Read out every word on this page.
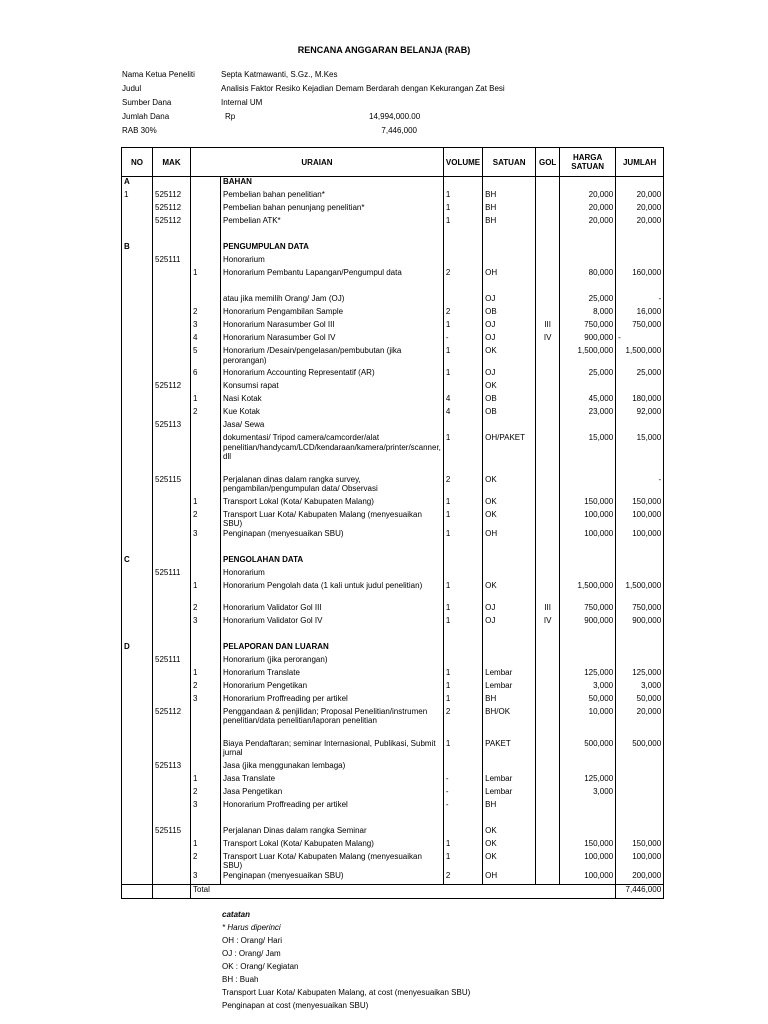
RENCANA ANGGARAN BELANJA (RAB)
Nama Ketua Peneliti	Septa Katmawanti, S.Gz., M.Kes
Judul	Analisis Faktor Resiko Kejadian Demam Berdarah dengan Kekurangan Zat Besi
Sumber Dana	Internal UM
Jumlah Dana	Rp	14,994,000.00
RAB 30%	7,446,000
NO	MAK	URAIAN		VOLUME	SATUAN	GOL	HARGA SATUAN	JUMLAH
A			BAHAN					
1	525112		Pembelian bahan penelitian*	1	BH		20,000	20,000
	525112		Pembelian bahan penunjang penelitian*	1	BH		20,000	20,000
	525112		Pembelian ATK*	1	BH		20,000	20,000

B			PENGUMPULAN DATA					
	525111		Honorarium					
		1	Honorarium Pembantu Lapangan/Pengumpul data	2	OH		80,000	160,000

			atau jika memilih Orang/ Jam (OJ)		OJ		25,000	-
		2	Honorarium Pengambilan Sample	2	OB		8,000	16,000
		3	Honorarium Narasumber Gol III	1	OJ	III	750,000	750,000
		4	Honorarium Narasumber Gol IV	-	OJ	IV	900,000	-
		5	Honorarium /Desain/pengelasan/pembubutan (jika perorangan)	1	OK		1,500,000	1,500,000
		6	Honorarium Accounting Representatif (AR)	1	OJ		25,000	25,000
	525112		Konsumsi rapat		OK			
		1	Nasi Kotak	4	OB		45,000	180,000
		2	Kue Kotak	4	OB		23,000	92,000
	525113		Jasa/ Sewa					
			dokumentasi/ Tripod camera/camcorder/alat penelitian/handycam/LCD/kendaraan/kamera/printer/scanner, dll	1	OH/PAKET		15,000	15,000

	525115		Perjalanan dinas dalam rangka survey, pengambilan/pengumpulan data/ Observasi	2	OK			-
		1	Transport Lokal (Kota/ Kabupaten Malang)	1	OK		150,000	150,000
		2	Transport Luar Kota/ Kabupaten Malang (menyesuaikan SBU)	1	OK		100,000	100,000
		3	Penginapan (menyesuaikan SBU)	1	OH		100,000	100,000

C			PENGOLAHAN DATA					
	525111		Honorarium					
		1	Honorarium Pengolah data (1 kali untuk judul penelitian)	1	OK		1,500,000	1,500,000
		2	Honorarium Validator Gol III	1	OJ	III	750,000	750,000
		3	Honorarium Validator Gol IV	1	OJ	IV	900,000	900,000

D			PELAPORAN DAN LUARAN					
	525111		Honorarium (jika perorangan)					
		1	Honorarium Translate	1	Lembar		125,000	125,000
		2	Honorarium Pengetikan	1	Lembar		3,000	3,000
		3	Honorarium Proffreading per artikel	1	BH		50,000	50,000
	525112		Penggandaan & penjilidan; Proposal Penelitian/instrumen penelitian/data penelitian/laporan penelitian	2	BH/OK		10,000	20,000
			Biaya Pendaftaran; seminar Internasional, Publikasi, Submit jurnal	1	PAKET		500,000	500,000
	525113		Jasa (jika menggunakan lembaga)					
		1	Jasa Translate	-	Lembar		125,000	
		2	Jasa Pengetikan	-	Lembar		3,000	
		3	Honorarium Proffreading per artikel	-	BH			

	525115		Perjalanan Dinas dalam rangka Seminar		OK			
		1	Transport Lokal (Kota/ Kabupaten Malang)	1	OK		150,000	150,000
		2	Transport Luar Kota/ Kabupaten Malang (menyesuaikan SBU)	1	OK		100,000	100,000
		3	Penginapan (menyesuaikan SBU)	2	OH		100,000	200,000
		Total						7,446,000
catatan
* Harus diperinci
OH : Orang/ Hari
OJ : Orang/ Jam
OK : Orang/ Kegiatan
BH : Buah
Transport Luar Kota/ Kabupaten Malang, at cost (menyesuaikan SBU)
Penginapan at cost (menyesuaikan SBU)
